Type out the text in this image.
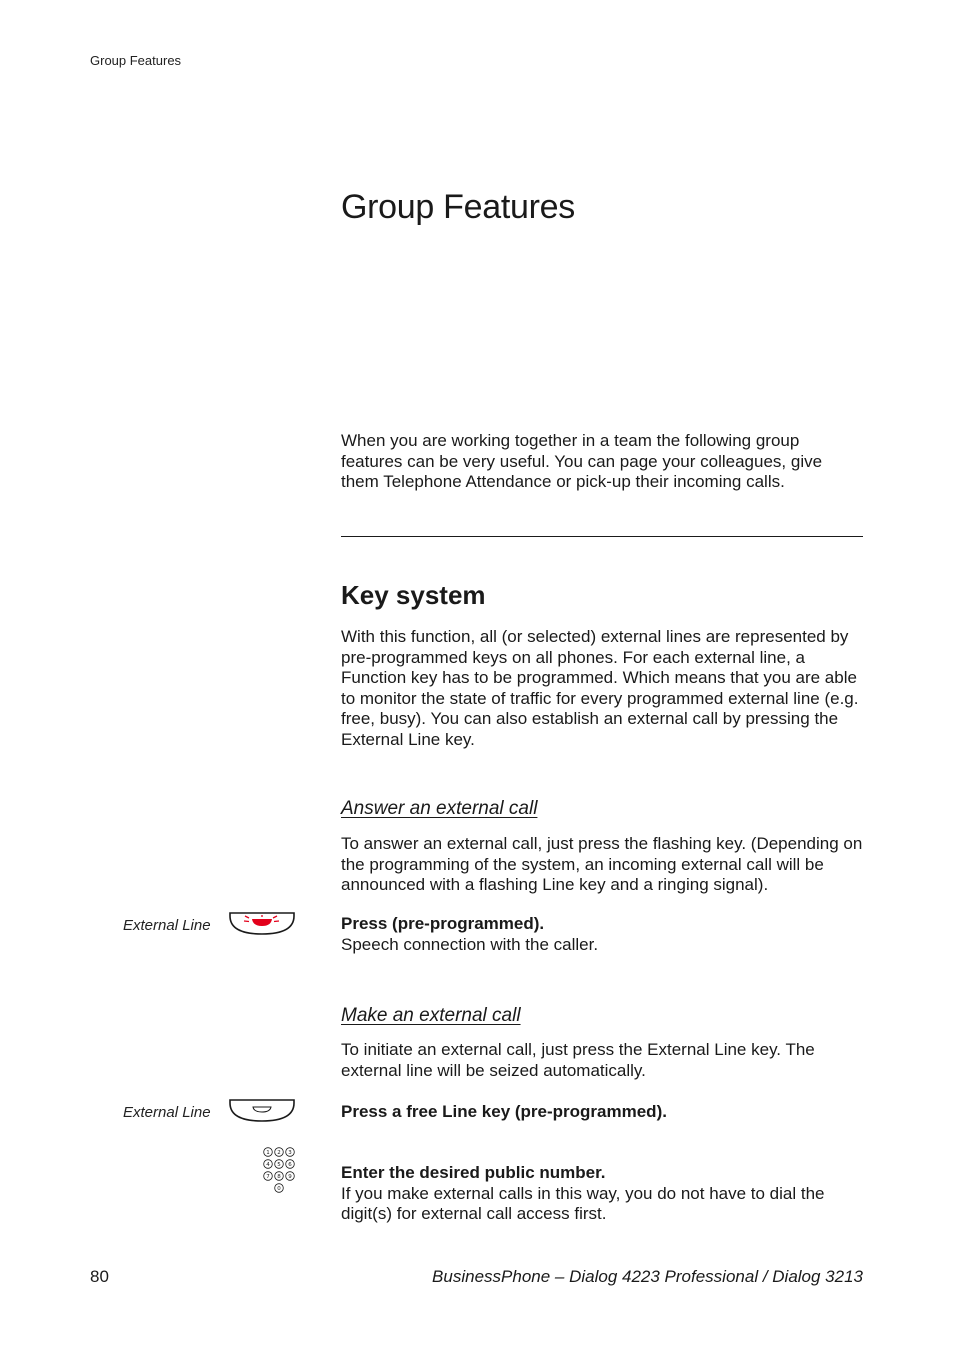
Group Features
Group Features

When you are working together in a team the following group features can be very useful. You can page your colleagues, give them Telephone Attendance or pick-up their incoming calls.

Key system

With this function, all (or selected) external lines are represented by pre-programmed keys on all phones. For each external line, a Function key has to be programmed. Which means that you are able to monitor the state of traffic for every programmed external line (e.g. free, busy). You can also establish an external call by pressing the External Line key.

Answer an external call

To answer an external call, just press the flashing key. (Depending on the programming of the system, an incoming external call will be announced with a flashing Line key and a ringing signal).

External Line	Press (pre-programmed).
Speech connection with the caller.
Make an external call

To initiate an external call, just press the External Line key. The external line will be seized automatically.

External Line	Press a free Line key (pre-programmed).
1 2 3
4 5 6
7 8 9
0
Enter the desired public number.
If you make external calls in this way, you do not have to dial the digit(s) for external call access first.
80	BusinessPhone – Dialog 4223 Professional / Dialog 3213
